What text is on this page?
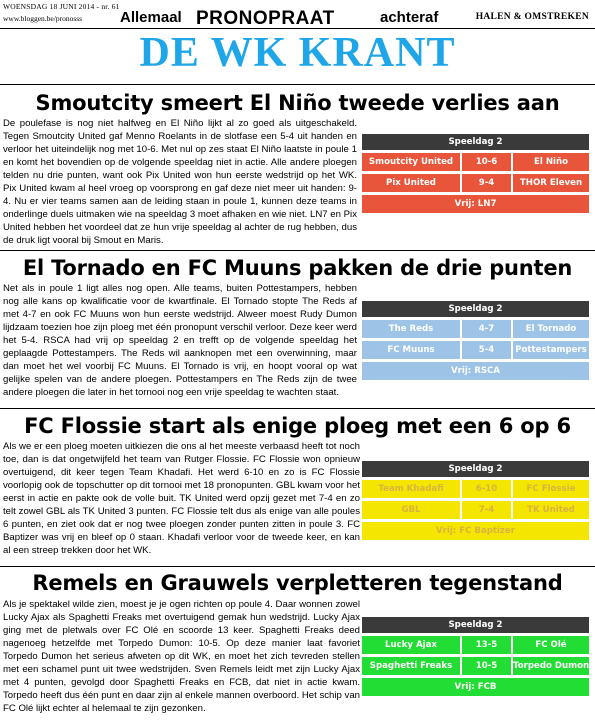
WOENSDAG 18 JUNI 2014 - nr. 61
www.bloggen.be/pronosss	Allemaal PRONOPRAAT	achteraf	HALEN & OMSTREKEN
DE WK KRANT
Smoutcity smeert El Niño tweede verlies aan
De poulefase is nog niet halfweg en El Niño lijkt al zo goed als uitgeschakeld. Tegen Smoutcity United gaf Menno Roelants in de slotfase een 5-4 uit handen en verloor het uiteindelijk nog met 10-6. Met nul op zes staat El Niño laatste in poule 1 en komt het bovendien op de volgende speeldag niet in actie. Alle andere ploegen telden nu drie punten, want ook Pix United won hun eerste wedstrijd op het WK. Pix United kwam al heel vroeg op voorsprong en gaf deze niet meer uit handen: 9-4. Nu er vier teams samen aan de leiding staan in poule 1, kunnen deze teams in onderlinge duels uitmaken wie na speeldag 3 moet afhaken en wie niet. LN7 en Pix United hebben het voordeel dat ze hun vrije speeldag al achter de rug hebben, dus de druk ligt vooral bij Smout en Maris.
Speeldag 2
Smoutcity United	10-6	El Niño
Pix United	9-4	THOR Eleven
Vrij: LN7
El Tornado en FC Muuns pakken de drie punten
Net als in poule 1 ligt alles nog open. Alle teams, buiten Pottestampers, hebben nog alle kans op kwalificatie voor de kwartfinale. El Tornado stopte The Reds af met 4-7 en ook FC Muuns won hun eerste wedstrijd. Alweer moest Rudy Dumon lijdzaam toezien hoe zijn ploeg met één pronopunt verschil verloor. Deze keer werd het 5-4. RSCA had vrij op speeldag 2 en trefft op de volgende speeldag het geplaagde Pottestampers. The Reds wil aanknopen met een overwinning, maar dan moet het wel voorbij FC Muuns. El Tornado is vrij, en hoopt vooral op wat gelijke spelen van de andere ploegen. Pottestampers en The Reds zijn de twee andere ploegen die later in het tornooi nog een vrije speeldag te wachten staat.
Speeldag 2
The Reds	4-7	El Tornado
FC Muuns	5-4	Pottestampers
Vrij: RSCA
FC Flossie start als enige ploeg met een 6 op 6
Als we er een ploeg moeten uitkiezen die ons al het meeste verbaasd heeft tot noch toe, dan is dat ongetwijfeld het team van Rutger Flossie. FC Flossie won opnieuw overtuigend, dit keer tegen Team Khadafi. Het werd 6-10 en zo is FC Flossie voorlopig ook de topschutter op dit tornooi met 18 pronopunten. GBL kwam voor het eerst in actie en pakte ook de volle buit. TK United werd opzij gezet met 7-4 en zo telt zowel GBL als TK United 3 punten. FC Flossie telt dus als enige van alle poules 6 punten, en ziet ook dat er nog twee ploegen zonder punten zitten in poule 3. FC Baptizer was vrij en bleef op 0 staan. Khadafi verloor voor de tweede keer, en kan al een streep trekken door het WK.
Speeldag 2
Team Khadafi	6-10	FC Flossie
GBL	7-4	TK United
Vrij: FC Baptizer
Remels en Grauwels verpletteren tegenstand
Als je spektakel wilde zien, moest je je ogen richten op poule 4. Daar wonnen zowel Lucky Ajax als Spaghetti Freaks met overtuigend gemak hun wedstrijd. Lucky Ajax ging met de pletwals over FC Olé en scoorde 13 keer. Spaghetti Freaks deed nagenoeg hetzelfde met Torpedo Dumon: 10-5. Op deze manier laat favoriet Torpedo Dumon het serieus afweten op dit WK, en moet het zich tevreden stellen met een schamel punt uit twee wedstrijden. Sven Remels leidt met zijn Lucky Ajax met 4 punten, gevolgd door Spaghetti Freaks en FCB, dat niet in actie kwam. Torpedo heeft dus één punt en daar zijn al enkele mannen overboord. Het schip van FC Olé lijkt echter al helemaal te zijn gezonken.
Speeldag 2
Lucky Ajax	13-5	FC Olé
Spaghetti Freaks	10-5	Torpedo Dumon
Vrij: FCB
